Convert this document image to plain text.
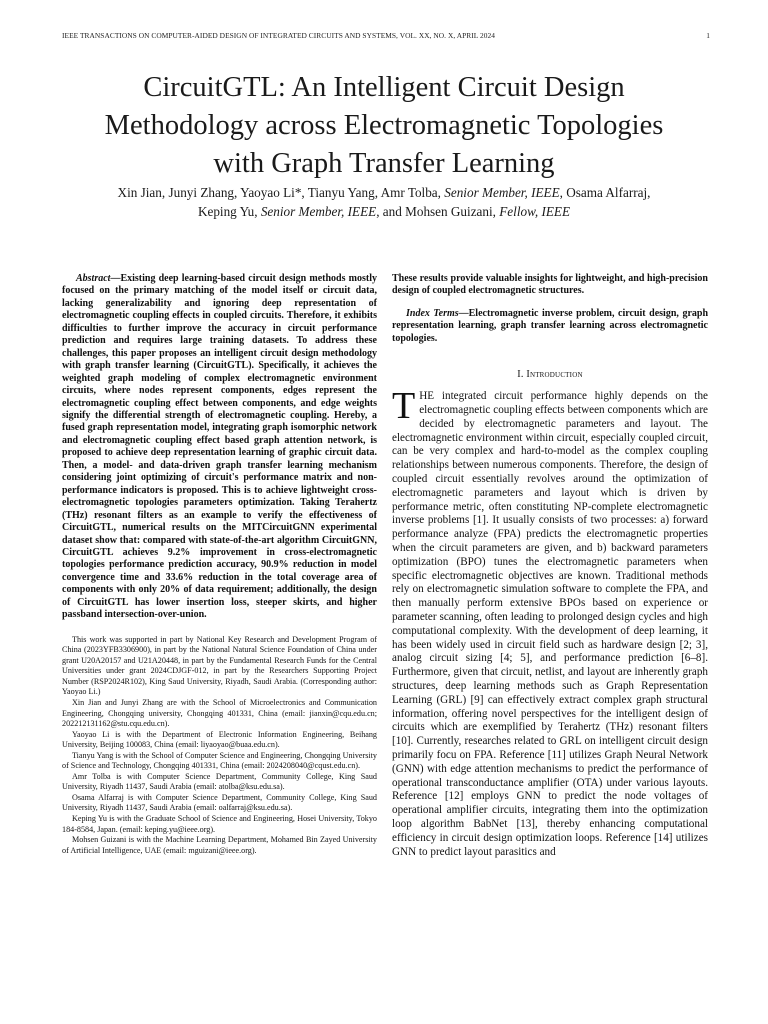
IEEE TRANSACTIONS ON COMPUTER-AIDED DESIGN OF INTEGRATED CIRCUITS AND SYSTEMS, VOL. XX, NO. X, APRIL 2024	1
CircuitGTL: An Intelligent Circuit Design
Methodology across Electromagnetic Topologies
with Graph Transfer Learning
Xin Jian, Junyi Zhang, Yaoyao Li*, Tianyu Yang, Amr Tolba, Senior Member, IEEE, Osama Alfarraj,
Keping Yu, Senior Member, IEEE, and Mohsen Guizani, Fellow, IEEE

Abstract—Existing deep learning-based circuit design methods mostly focused on the primary matching of the model itself or circuit data, lacking generalizability and ignoring deep representation of electromagnetic coupling effects in coupled circuits. Therefore, it exhibits difficulties to further improve the accuracy in circuit performance prediction and requires large training datasets. To address these challenges, this paper proposes an intelligent circuit design methodology with graph transfer learning (CircuitGTL). Specifically, it achieves the weighted graph modeling of complex electromagnetic environment circuits, where nodes represent components, edges represent the electromagnetic coupling effect between components, and edge weights signify the differential strength of electromagnetic coupling. Hereby, a fused graph representation model, integrating graph isomorphic network and electromagnetic coupling effect based graph attention network, is proposed to achieve deep representation learning of graphic circuit data. Then, a model- and data-driven graph transfer learning mechanism considering joint optimizing of circuit's performance matrix and non-performance indicators is proposed. This is to achieve lightweight cross-electromagnetic topologies parameters optimization. Taking Terahertz (THz) resonant filters as an example to verify the effectiveness of CircuitGTL, numerical results on the MITCircuitGNN experimental dataset show that: compared with state-of-the-art algorithm CircuitGNN, CircuitGTL achieves 9.2% improvement in cross-electromagnetic topologies performance prediction accuracy, 90.9% reduction in model convergence time and 33.6% reduction in the total coverage area of components with only 20% of data requirement; additionally, the design of CircuitGTL has lower insertion loss, steeper skirts, and higher passband intersection-over-union.

This work was supported in part by National Key Research and Development Program of China (2023YFB3306900), in part by the National Natural Science Foundation of China under grant U20A20157 and U21A20448, in part by the Fundamental Research Funds for the Central Universities under grant 2024CDJGF-012, in part by the Researchers Supporting Project Number (RSP2024R102), King Saud University, Riyadh, Saudi Arabia. (Corresponding author: Yaoyao Li.)

Xin Jian and Junyi Zhang are with the School of Microelectronics and Communication Engineering, Chongqing university, Chongqing 401331, China (email: jianxin@cqu.edu.cn; 202212131162@stu.cqu.edu.cn).

Yaoyao Li is with the Department of Electronic Information Engineering, Beihang University, Beijing 100083, China (email: liyaoyao@buaa.edu.cn).

Tianyu Yang is with the School of Computer Science and Engineering, Chongqing University of Science and Technology, Chongqing 401331, China (email: 2024208040@cqust.edu.cn).

Amr Tolba is with Computer Science Department, Community College, King Saud University, Riyadh 11437, Saudi Arabia (email: atolba@ksu.edu.sa).

Osama Alfarraj is with Computer Science Department, Community College, King Saud University, Riyadh 11437, Saudi Arabia (email: oalfarraj@ksu.edu.sa).

Keping Yu is with the Graduate School of Science and Engineering, Hosei University, Tokyo 184-8584, Japan. (email: keping.yu@ieee.org).

Mohsen Guizani is with the Machine Learning Department, Mohamed Bin Zayed University of Artificial Intelligence, UAE (email: mguizani@ieee.org).

These results provide valuable insights for lightweight, and high-precision design of coupled electromagnetic structures.

Index Terms—Electromagnetic inverse problem, circuit design, graph representation learning, graph transfer learning across electromagnetic topologies.

I. Introduction

THE integrated circuit performance highly depends on the electromagnetic coupling effects between components which are decided by electromagnetic parameters and layout. The electromagnetic environment within circuit, especially coupled circuit, can be very complex and hard-to-model as the complex coupling relationships between numerous components. Therefore, the design of coupled circuit essentially revolves around the optimization of electromagnetic parameters and layout which is driven by performance metric, often constituting NP-complete electromagnetic inverse problems [1]. It usually consists of two processes: a) forward performance analyze (FPA) predicts the electromagnetic properties when the circuit parameters are given, and b) backward parameters optimization (BPO) tunes the electromagnetic parameters when specific electromagnetic objectives are known. Traditional methods rely on electromagnetic simulation software to complete the FPA, and then manually perform extensive BPOs based on experience or parameter scanning, often leading to prolonged design cycles and high computational complexity. With the development of deep learning, it has been widely used in circuit field such as hardware design [2; 3], analog circuit sizing [4; 5], and performance prediction [6–8]. Furthermore, given that circuit, netlist, and layout are inherently graph structures, deep learning methods such as Graph Representation Learning (GRL) [9] can effectively extract complex graph structural information, offering novel perspectives for the intelligent design of circuits which are exemplified by Terahertz (THz) resonant filters [10]. Currently, researches related to GRL on intelligent circuit design primarily focu on FPA. Reference [11] utilizes Graph Neural Network (GNN) with edge attention mechanisms to predict the performance of operational transconductance amplifier (OTA) under various layouts. Reference [12] employs GNN to predict the node voltages of operational amplifier circuits, integrating them into the optimization loop algorithm BabNet [13], thereby enhancing computational efficiency in circuit design optimization loops. Reference [14] utilizes GNN to predict layout parasitics and
